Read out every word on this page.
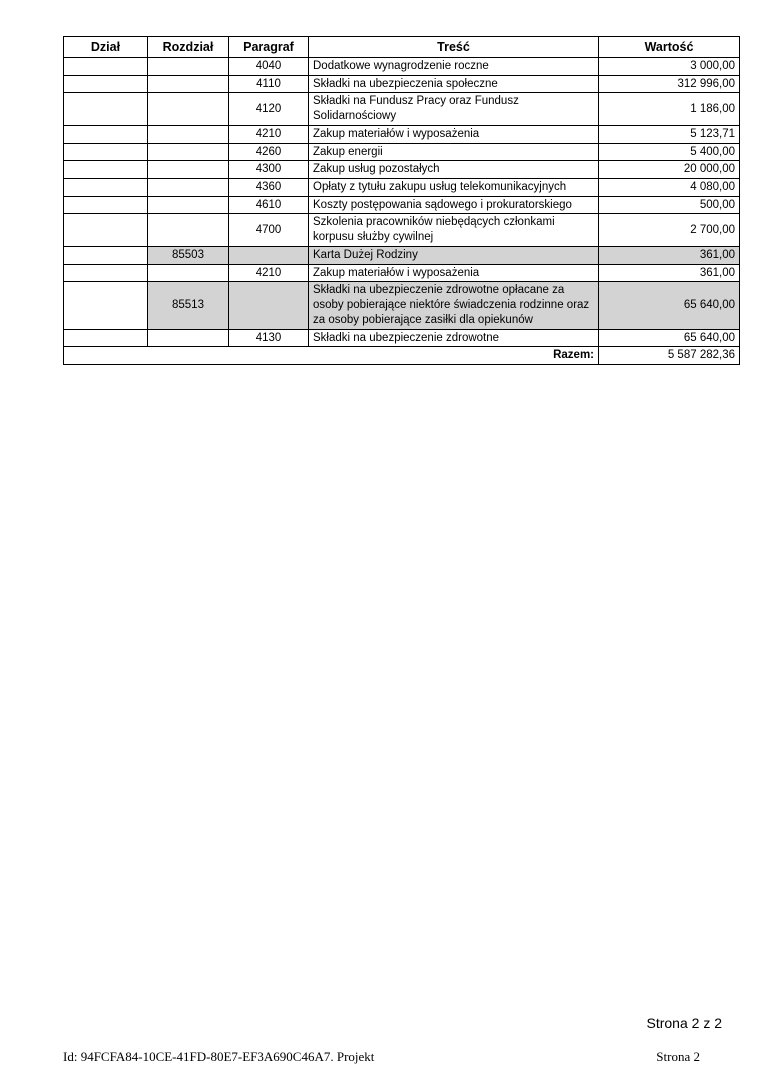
Dział	Rozdział	Paragraf	Treść	Wartość
		4040	Dodatkowe wynagrodzenie roczne	3 000,00
		4110	Składki na ubezpieczenia społeczne	312 996,00
		4120	Składki na Fundusz Pracy oraz Fundusz Solidarnościowy	1 186,00
		4210	Zakup materiałów i wyposażenia	5 123,71
		4260	Zakup energii	5 400,00
		4300	Zakup usług pozostałych	20 000,00
		4360	Opłaty z tytułu zakupu usług telekomunikacyjnych	4 080,00
		4610	Koszty postępowania sądowego i prokuratorskiego	500,00
		4700	Szkolenia pracowników niebędących członkami korpusu służby cywilnej	2 700,00
	85503		Karta Dużej Rodziny	361,00
		4210	Zakup materiałów i wyposażenia	361,00
	85513		Składki na ubezpieczenie zdrowotne opłacane za osoby pobierające niektóre świadczenia rodzinne oraz za osoby pobierające zasiłki dla opiekunów	65 640,00
		4130	Składki na ubezpieczenie zdrowotne	65 640,00
Razem:				5 587 282,36
Strona 2 z 2
Id: 94FCFA84-10CE-41FD-80E7-EF3A690C46A7. Projekt	Strona 2
